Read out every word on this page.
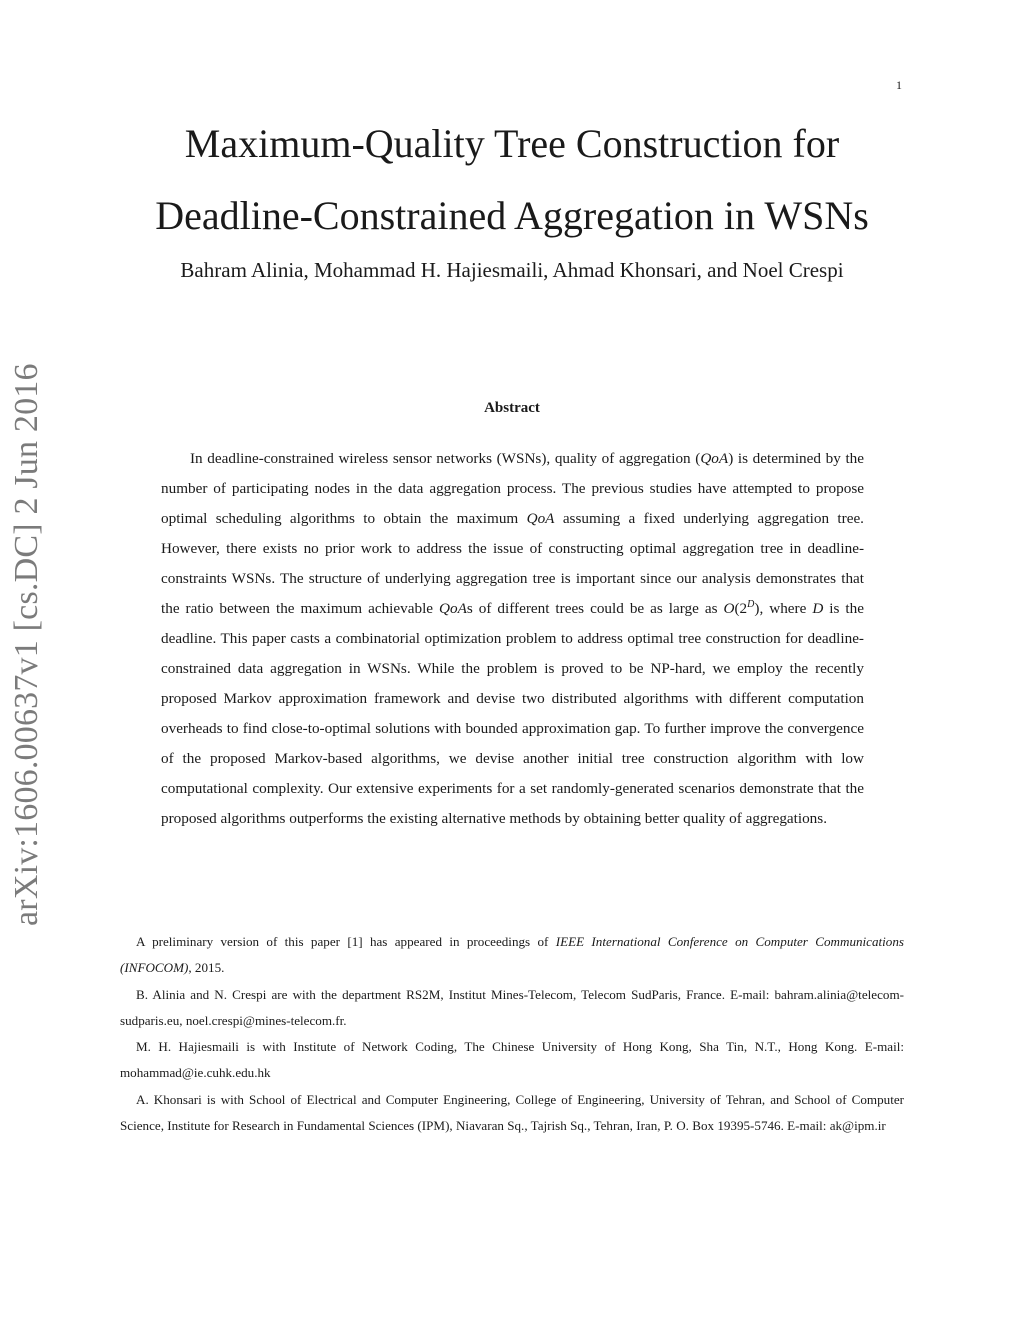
1
arXiv:1606.00637v1 [cs.DC] 2 Jun 2016
Maximum-Quality Tree Construction for
Deadline-Constrained Aggregation in WSNs
Bahram Alinia, Mohammad H. Hajiesmaili, Ahmad Khonsari, and Noel Crespi
Abstract

In deadline-constrained wireless sensor networks (WSNs), quality of aggregation (QoA) is determined by the number of participating nodes in the data aggregation process. The previous studies have attempted to propose optimal scheduling algorithms to obtain the maximum QoA assuming a fixed underlying aggregation tree. However, there exists no prior work to address the issue of constructing optimal aggregation tree in deadline-constraints WSNs. The structure of underlying aggregation tree is important since our analysis demonstrates that the ratio between the maximum achievable QoAs of different trees could be as large as $O(2^D)$, where D is the deadline. This paper casts a combinatorial optimization problem to address optimal tree construction for deadline-constrained data aggregation in WSNs. While the problem is proved to be NP-hard, we employ the recently proposed Markov approximation framework and devise two distributed algorithms with different computation overheads to find close-to-optimal solutions with bounded approximation gap. To further improve the convergence of the proposed Markov-based algorithms, we devise another initial tree construction algorithm with low computational complexity. Our extensive experiments for a set randomly-generated scenarios demonstrate that the proposed algorithms outperforms the existing alternative methods by obtaining better quality of aggregations.

A preliminary version of this paper [1] has appeared in proceedings of IEEE International Conference on Computer Communications (INFOCOM), 2015.

B. Alinia and N. Crespi are with the department RS2M, Institut Mines-Telecom, Telecom SudParis, France. E-mail: bahram.alinia@telecom-sudparis.eu, noel.crespi@mines-telecom.fr.

M. H. Hajiesmaili is with Institute of Network Coding, The Chinese University of Hong Kong, Sha Tin, N.T., Hong Kong. E-mail: mohammad@ie.cuhk.edu.hk

A. Khonsari is with School of Electrical and Computer Engineering, College of Engineering, University of Tehran, and School of Computer Science, Institute for Research in Fundamental Sciences (IPM), Niavaran Sq., Tajrish Sq., Tehran, Iran, P. O. Box 19395-5746. E-mail: ak@ipm.ir
